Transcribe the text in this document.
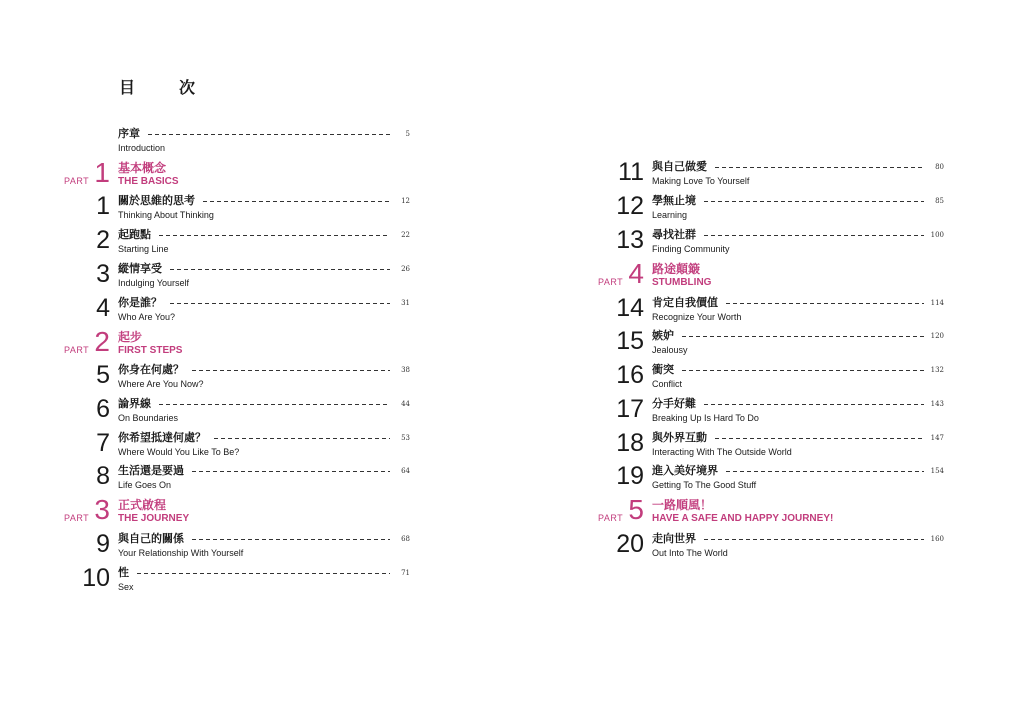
目　次
序章	5
Introduction
PART 1 基本概念
THE BASICS
1 關於思維的思考	12
Thinking About Thinking
2 起跑點	22
Starting Line
3 縱情享受	26
Indulging Yourself
4 你是誰？	31
Who Are You?
PART 2 起步
FIRST STEPS
5 你身在何處？	38
Where Are You Now?
6 論界線	44
On Boundaries
7 你希望抵達何處？	53
Where Would You Like To Be?
8 生活還是要過	64
Life Goes On
PART 3 正式啟程
THE JOURNEY
9 與自己的關係	68
Your Relationship With Yourself
10 性	71
Sex
11 與自己做愛	80
Making Love To Yourself
12 學無止境	85
Learning
13 尋找社群	100
Finding Community
PART 4 路途顛簸
STUMBLING
14 肯定自我價值	114
Recognize Your Worth
15 嫉妒	120
Jealousy
16 衝突	132
Conflict
17 分手好難	143
Breaking Up Is Hard To Do
18 與外界互動	147
Interacting With The Outside World
19 進入美好境界	154
Getting To The Good Stuff
PART 5 一路順風！
HAVE A SAFE AND HAPPY JOURNEY!
20 走向世界	160
Out Into The World
